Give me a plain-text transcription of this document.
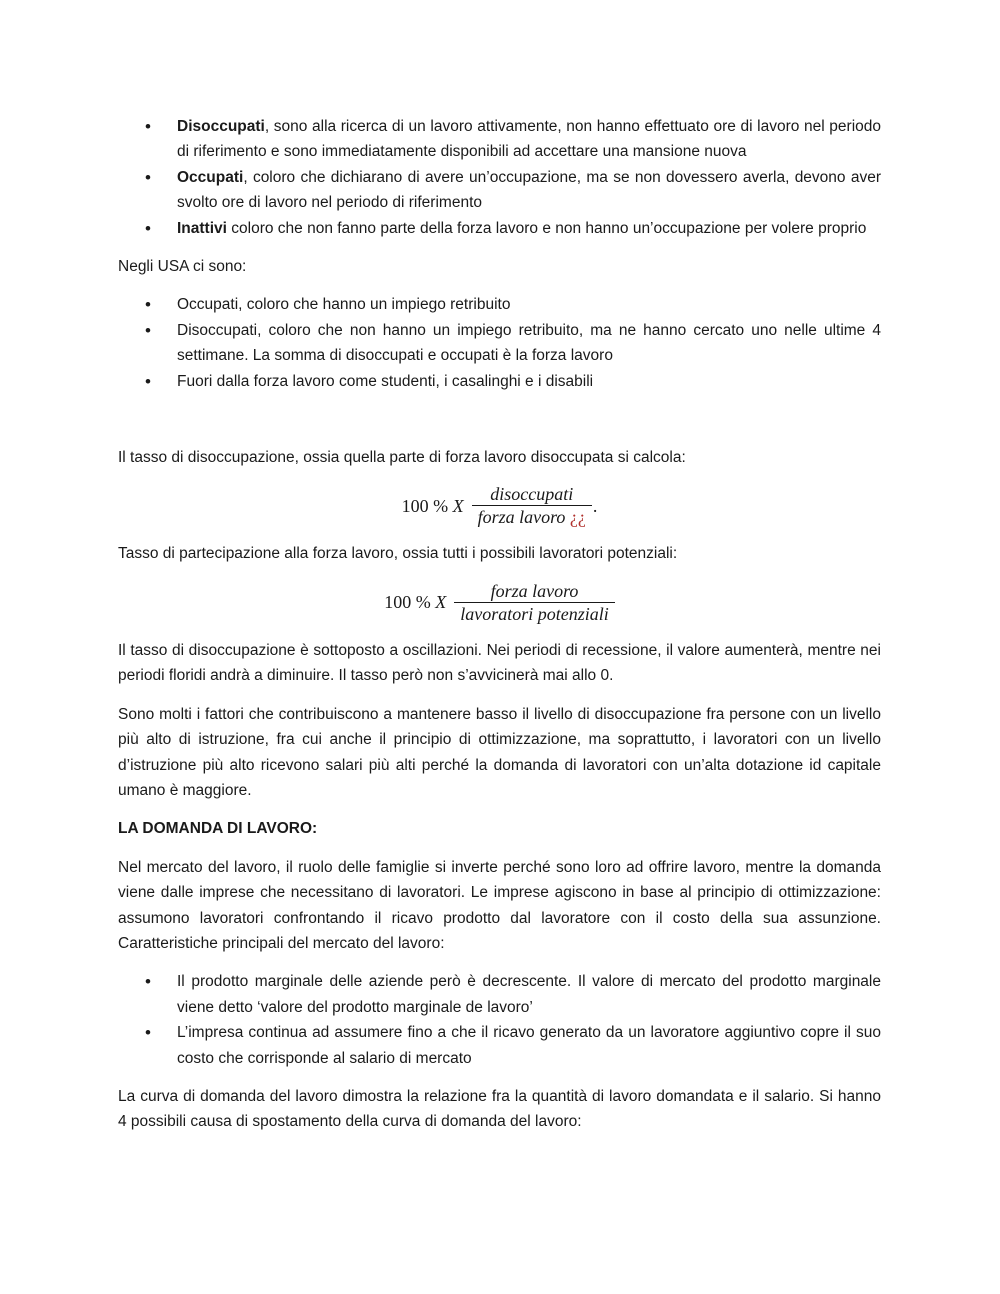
• Disoccupati, sono alla ricerca di un lavoro attivamente, non hanno effettuato ore di lavoro nel periodo di riferimento e sono immediatamente disponibili ad accettare una mansione nuova
• Occupati, coloro che dichiarano di avere un’occupazione, ma se non dovessero averla, devono aver svolto ore di lavoro nel periodo di riferimento
• Inattivi coloro che non fanno parte della forza lavoro e non hanno un’occupazione per volere proprio

Negli USA ci sono:

• Occupati, coloro che hanno un impiego retribuito
• Disoccupati, coloro che non hanno un impiego retribuito, ma ne hanno cercato uno nelle ultime 4 settimane. La somma di disoccupati e occupati è la forza lavoro
• Fuori dalla forza lavoro come studenti, i casalinghi e i disabili

Il tasso di disoccupazione, ossia quella parte di forza lavoro disoccupata si calcola:

100 % X $\frac{\text{disoccupati}}{\text{forza lavoro ¿¿}}$ .

Tasso di partecipazione alla forza lavoro, ossia tutti i possibili lavoratori potenziali:

100 % X $\frac{\text{forza lavoro}}{\text{lavoratori potenziali}}$

Il tasso di disoccupazione è sottoposto a oscillazioni. Nei periodi di recessione, il valore aumenterà, mentre nei periodi floridi andrà a diminuire. Il tasso però non s’avvicinerà mai allo 0.

Sono molti i fattori che contribuiscono a mantenere basso il livello di disoccupazione fra persone con un livello più alto di istruzione, fra cui anche il principio di ottimizzazione, ma soprattutto, i lavoratori con un livello d’istruzione più alto ricevono salari più alti perché la domanda di lavoratori con un’alta dotazione id capitale umano è maggiore.

LA DOMANDA DI LAVORO:

Nel mercato del lavoro, il ruolo delle famiglie si inverte perché sono loro ad offrire lavoro, mentre la domanda viene dalle imprese che necessitano di lavoratori. Le imprese agiscono in base al principio di ottimizzazione: assumono lavoratori confrontando il ricavo prodotto dal lavoratore con il costo della sua assunzione. Caratteristiche principali del mercato del lavoro:

• Il prodotto marginale delle aziende però è decrescente. Il valore di mercato del prodotto marginale viene detto ‘valore del prodotto marginale de lavoro’
• L’impresa continua ad assumere fino a che il ricavo generato da un lavoratore aggiuntivo copre il suo costo che corrisponde al salario di mercato

La curva di domanda del lavoro dimostra la relazione fra la quantità di lavoro domandata e il salario. Si hanno 4 possibili causa di spostamento della curva di domanda del lavoro:
